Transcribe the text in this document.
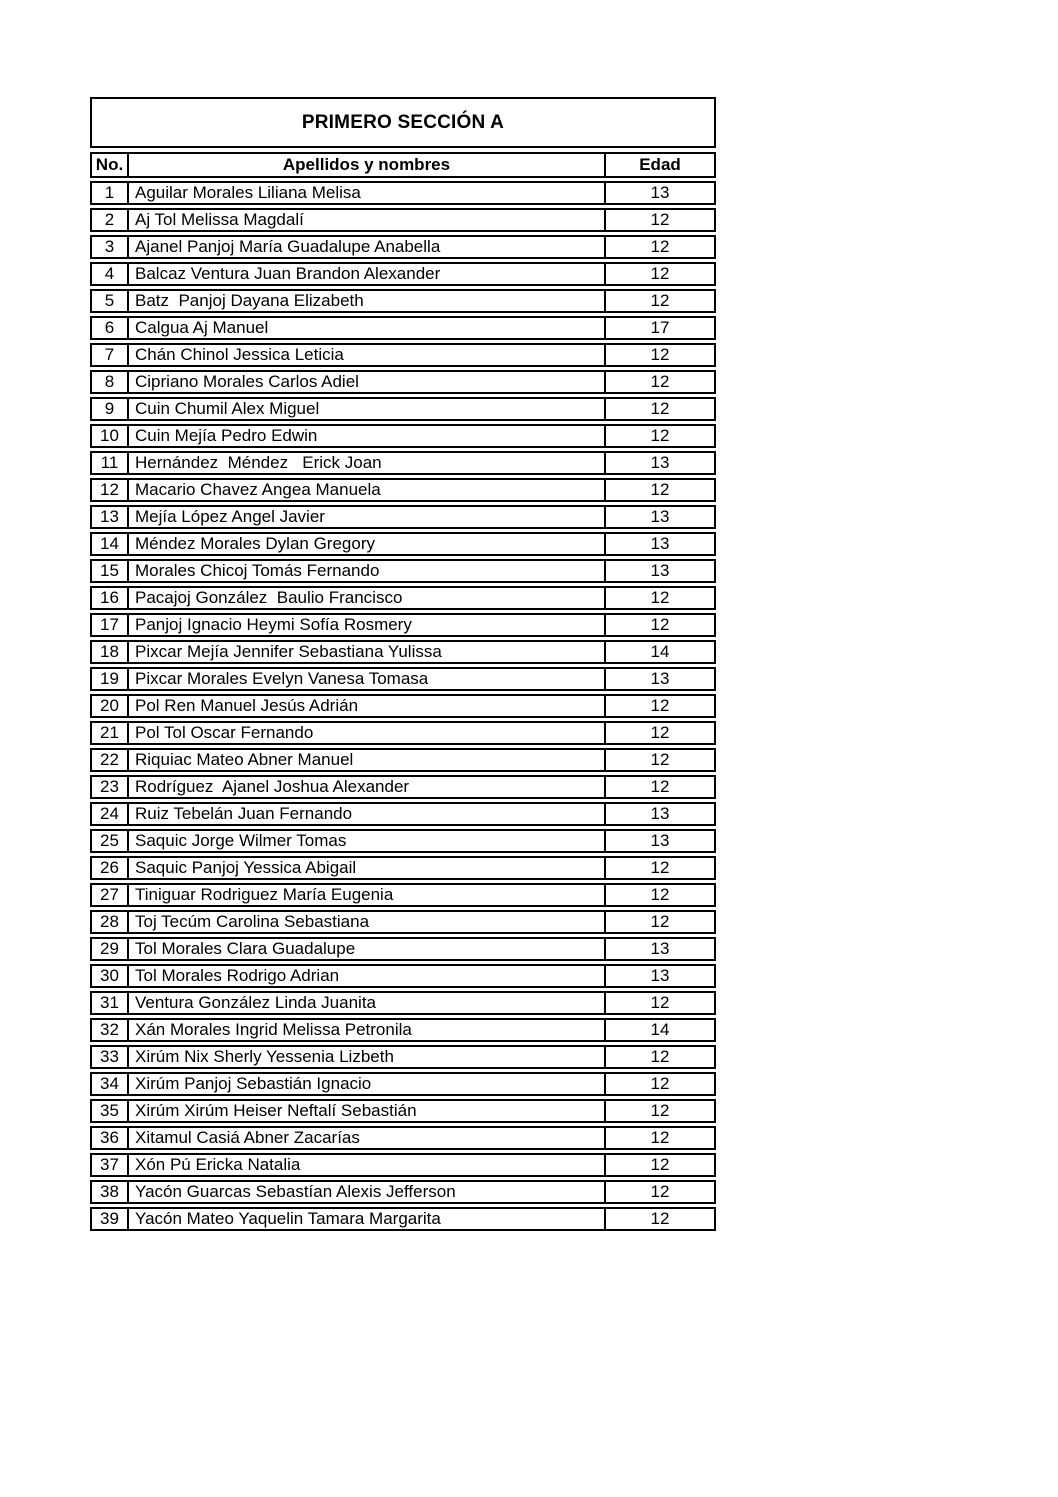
PRIMERO SECCIÓN A
No.	Apellidos y nombres	Edad
1	Aguilar Morales Liliana Melisa	13
2	Aj Tol Melissa Magdalí	12
3	Ajanel Panjoj María Guadalupe Anabella	12
4	Balcaz Ventura Juan Brandon Alexander	12
5	Batz  Panjoj Dayana Elizabeth	12
6	Calgua Aj Manuel	17
7	Chán Chinol Jessica Leticia	12
8	Cipriano Morales Carlos Adiel	12
9	Cuin Chumil Alex Miguel	12
10	Cuin Mejía Pedro Edwin	12
11	Hernández  Méndez   Erick Joan	13
12	Macario Chavez Angea Manuela	12
13	Mejía López Angel Javier	13
14	Méndez Morales Dylan Gregory	13
15	Morales Chicoj Tomás Fernando	13
16	Pacajoj González  Baulio Francisco	12
17	Panjoj Ignacio Heymi Sofía Rosmery	12
18	Pixcar Mejía Jennifer Sebastiana Yulissa	14
19	Pixcar Morales Evelyn Vanesa Tomasa	13
20	Pol Ren Manuel Jesús Adrián	12
21	Pol Tol Oscar Fernando	12
22	Riquiac Mateo Abner Manuel	12
23	Rodríguez  Ajanel Joshua Alexander	12
24	Ruiz Tebelán Juan Fernando	13
25	Saquic Jorge Wilmer Tomas	13
26	Saquic Panjoj Yessica Abigail	12
27	Tiniguar Rodriguez María Eugenia	12
28	Toj Tecúm Carolina Sebastiana	12
29	Tol Morales Clara Guadalupe	13
30	Tol Morales Rodrigo Adrian	13
31	Ventura González Linda Juanita	12
32	Xán Morales Ingrid Melissa Petronila	14
33	Xirúm Nix Sherly Yessenia Lizbeth	12
34	Xirúm Panjoj Sebastián Ignacio	12
35	Xirúm Xirúm Heiser Neftalí Sebastián	12
36	Xitamul Casiá Abner Zacarías	12
37	Xón Pú Ericka Natalia	12
38	Yacón Guarcas Sebastían Alexis Jefferson	12
39	Yacón Mateo Yaquelin Tamara Margarita	12
